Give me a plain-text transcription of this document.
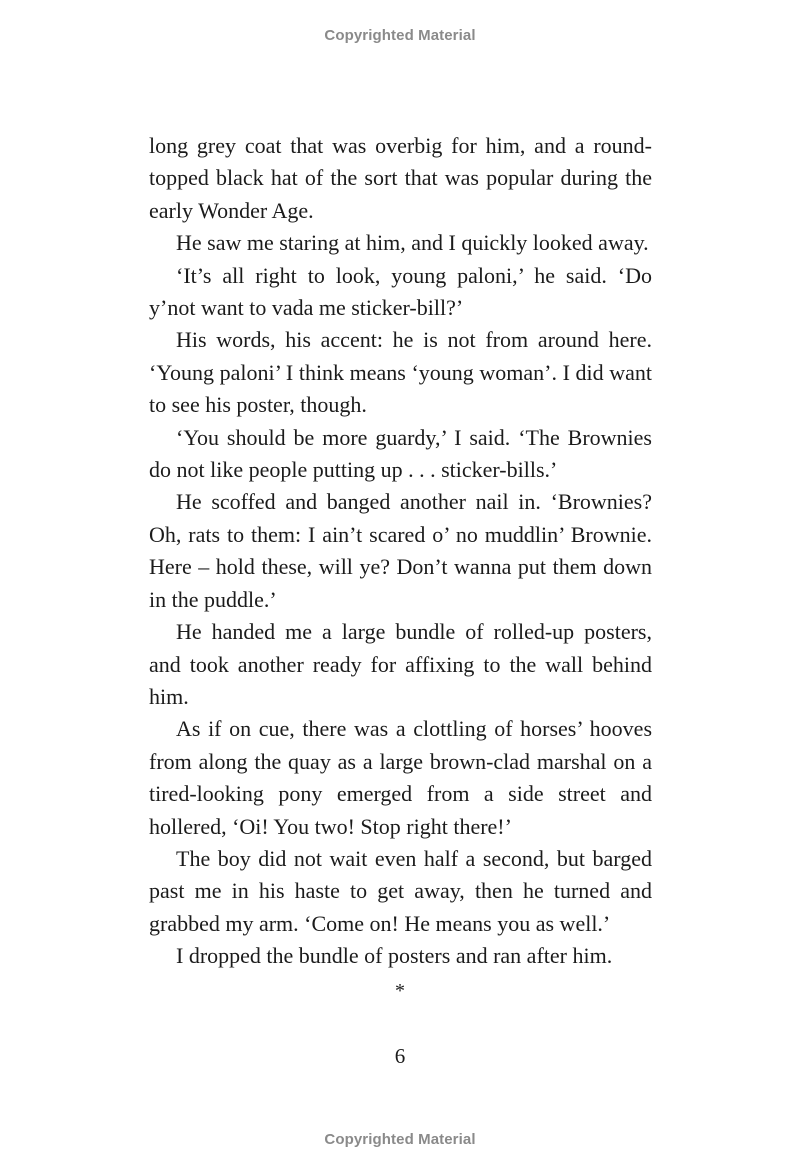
Copyrighted Material

long grey coat that was overbig for him, and a round-topped black hat of the sort that was popular during the early Wonder Age.

He saw me staring at him, and I quickly looked away.

‘It’s all right to look, young paloni,’ he said. ‘Do y’not want to vada me sticker-bill?’

His words, his accent: he is not from around here. ‘Young paloni’ I think means ‘young woman’. I did want to see his poster, though.

‘You should be more guardy,’ I said. ‘The Brownies do not like people putting up . . . sticker-bills.’

He scoffed and banged another nail in. ‘Brownies? Oh, rats to them: I ain’t scared o’ no muddlin’ Brownie. Here – hold these, will ye? Don’t wanna put them down in the puddle.’

He handed me a large bundle of rolled-up posters, and took another ready for affixing to the wall behind him.

As if on cue, there was a clottling of horses’ hooves from along the quay as a large brown-clad marshal on a tired-looking pony emerged from a side street and hollered, ‘Oi! You two! Stop right there!’

The boy did not wait even half a second, but barged past me in his haste to get away, then he turned and grabbed my arm. ‘Come on! He means you as well.’

I dropped the bundle of posters and ran after him.

*
6
Copyrighted Material
